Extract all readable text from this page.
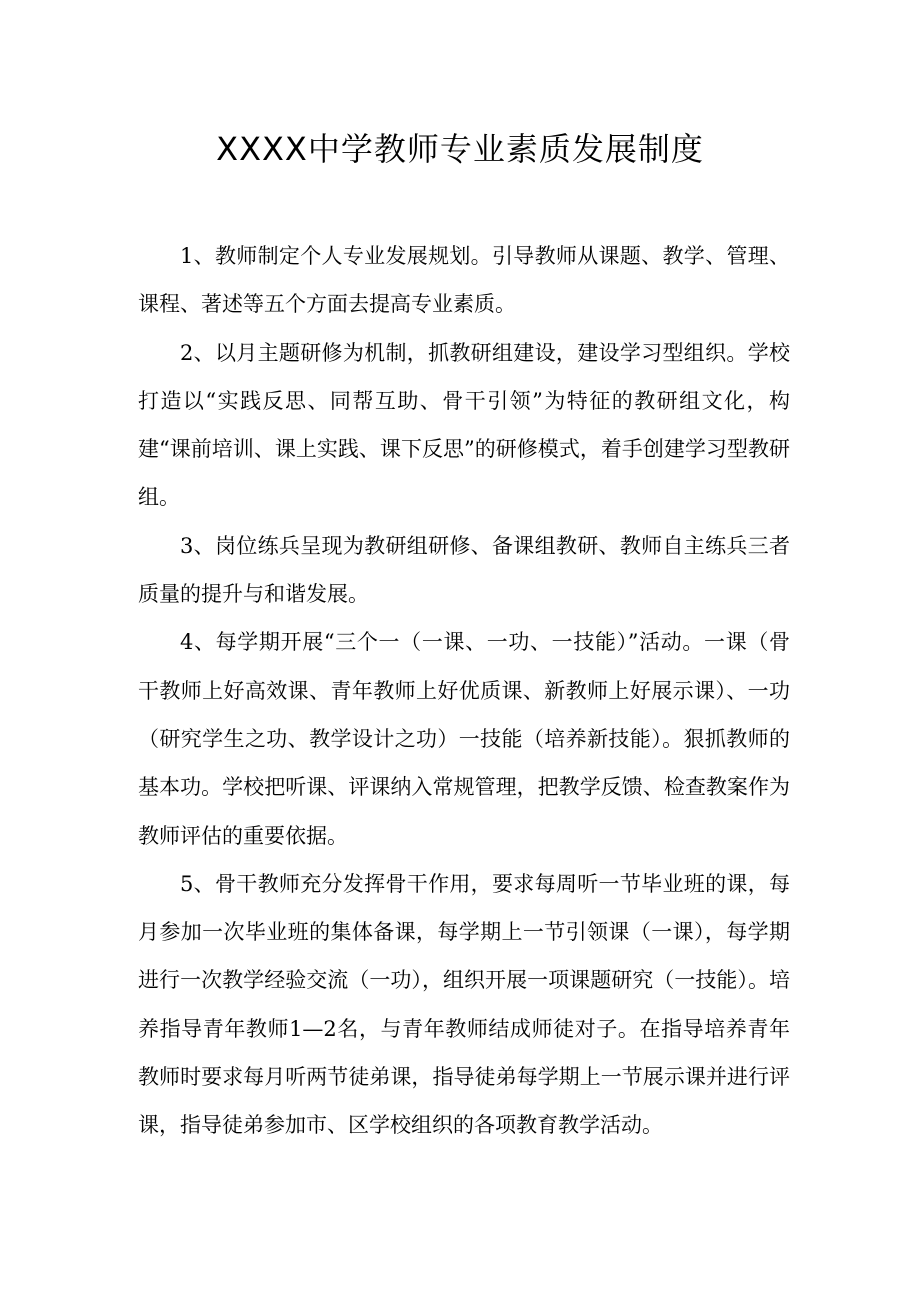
XXXX中学教师专业素质发展制度

1、教师制定个人专业发展规划。引导教师从课题、教学、管理、课程、著述等五个方面去提高专业素质。

2、以月主题研修为机制，抓教研组建设，建设学习型组织。学校打造以“实践反思、同帮互助、骨干引领”为特征的教研组文化，构建“课前培训、课上实践、课下反思”的研修模式，着手创建学习型教研组。

3、岗位练兵呈现为教研组研修、备课组教研、教师自主练兵三者质量的提升与和谐发展。

4、每学期开展“三个一（一课、一功、一技能）”活动。一课（骨干教师上好高效课、青年教师上好优质课、新教师上好展示课）、一功（研究学生之功、教学设计之功）一技能（培养新技能）。狠抓教师的基本功。学校把听课、评课纳入常规管理，把教学反馈、检查教案作为教师评估的重要依据。

5、骨干教师充分发挥骨干作用，要求每周听一节毕业班的课，每月参加一次毕业班的集体备课，每学期上一节引领课（一课），每学期进行一次教学经验交流（一功），组织开展一项课题研究（一技能）。培养指导青年教师1—2名，与青年教师结成师徒对子。在指导培养青年教师时要求每月听两节徒弟课，指导徒弟每学期上一节展示课并进行评课，指导徒弟参加市、区学校组织的各项教育教学活动。
